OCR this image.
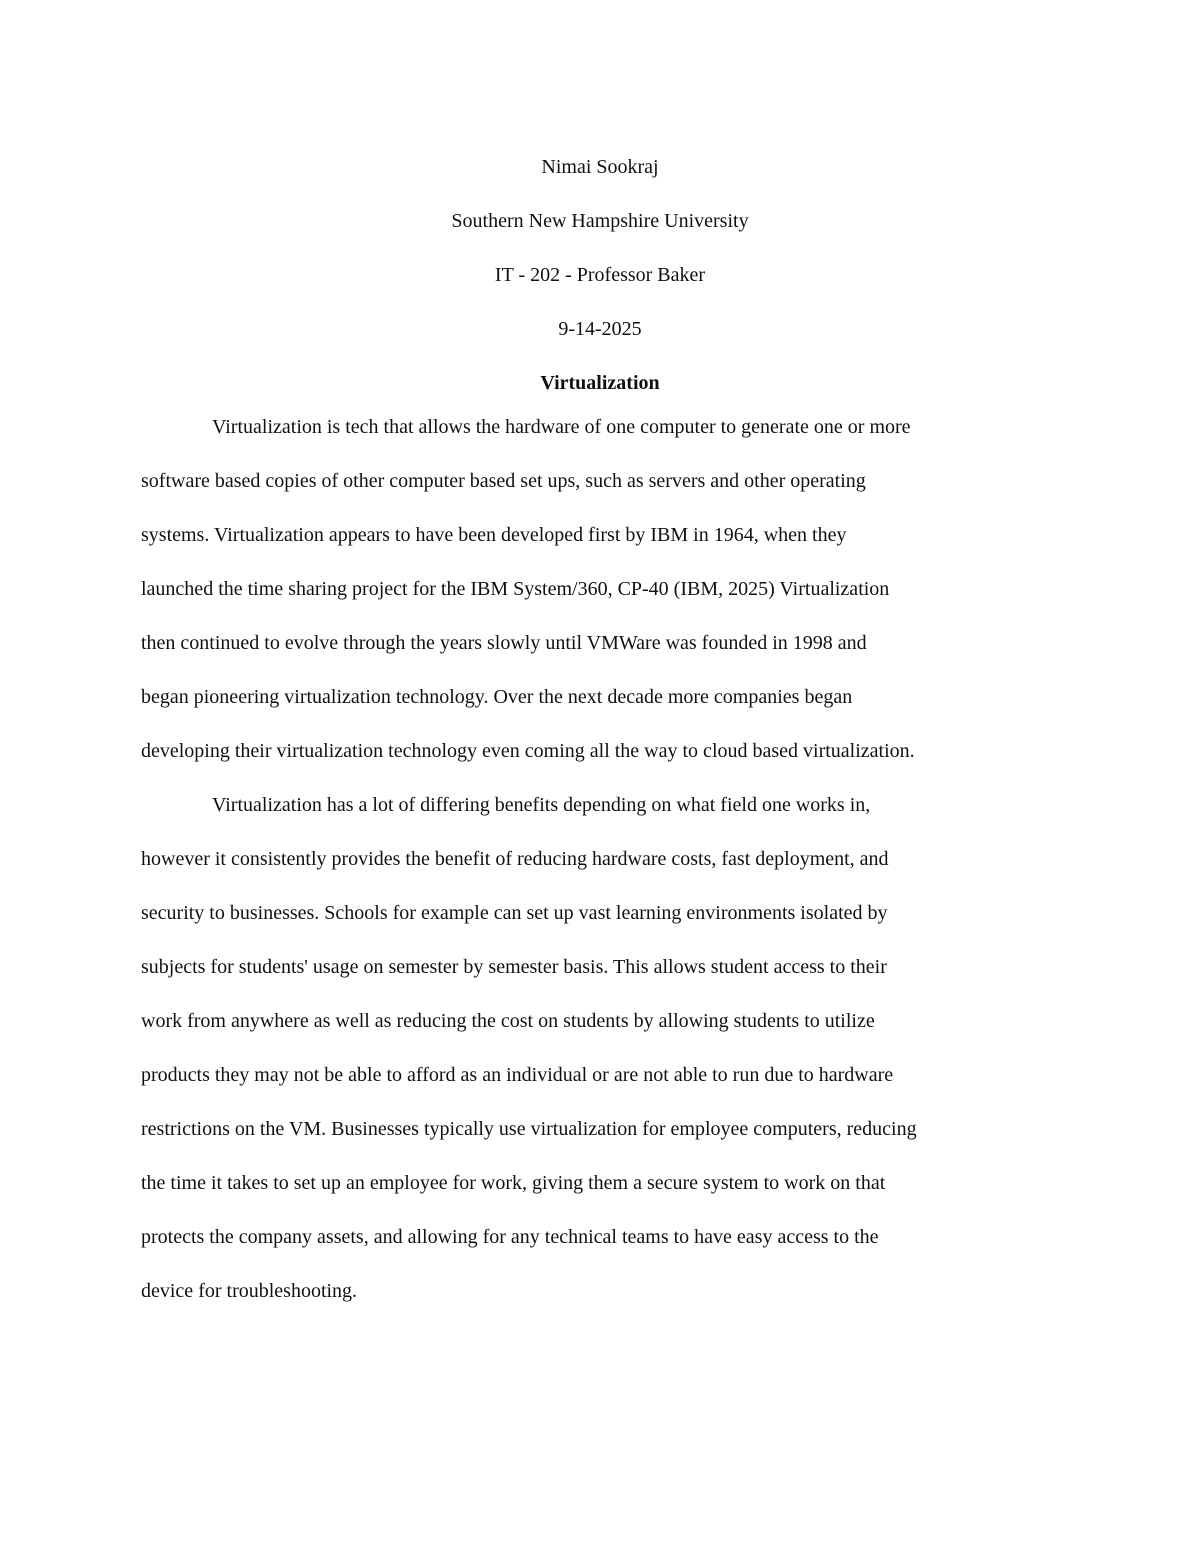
Nimai Sookraj

Southern New Hampshire University

IT - 202 - Professor Baker

9-14-2025

Virtualization

Virtualization is tech that allows the hardware of one computer to generate one or more

software based copies of other computer based set ups, such as servers and other operating

systems. Virtualization appears to have been developed first by IBM in 1964, when they

launched the time sharing project for the IBM System/360, CP-40 (IBM, 2025) Virtualization

then continued to evolve through the years slowly until VMWare was founded in 1998 and

began pioneering virtualization technology. Over the next decade more companies began

developing their virtualization technology even coming all the way to cloud based virtualization.

Virtualization has a lot of differing benefits depending on what field one works in,

however it consistently provides the benefit of reducing hardware costs, fast deployment, and

security to businesses. Schools for example can set up vast learning environments isolated by

subjects for students' usage on semester by semester basis. This allows student access to their

work from anywhere as well as reducing the cost on students by allowing students to utilize

products they may not be able to afford as an individual or are not able to run due to hardware

restrictions on the VM. Businesses typically use virtualization for employee computers, reducing

the time it takes to set up an employee for work, giving them a secure system to work on that

protects the company assets, and allowing for any technical teams to have easy access to the

device for troubleshooting.
